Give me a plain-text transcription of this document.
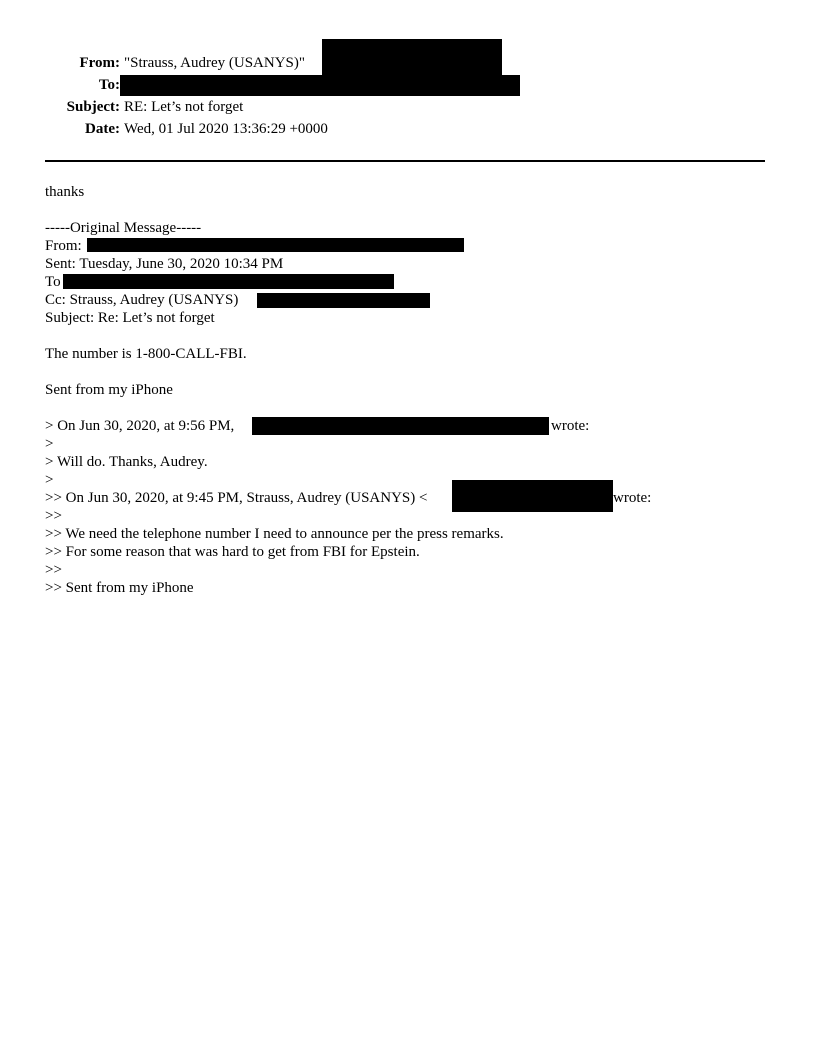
From: "Strauss, Audrey (USANYS)"
To:
Subject: RE: Let’s not forget
Date: Wed, 01 Jul 2020 13:36:29 +0000
thanks
-----Original Message-----
From:
Sent: Tuesday, June 30, 2020 10:34 PM
To
Cc: Strauss, Audrey (USANYS)
Subject: Re: Let’s not forget
The number is 1-800-CALL-FBI.
Sent from my iPhone
> On Jun 30, 2020, at 9:56 PM,	wrote:
>
> Will do. Thanks, Audrey.
>
>> On Jun 30, 2020, at 9:45 PM, Strauss, Audrey (USANYS) <	wrote:
>>
>> We need the telephone number I need to announce per the press remarks.
>> For some reason that was hard to get from FBI for Epstein.
>>
>> Sent from my iPhone
